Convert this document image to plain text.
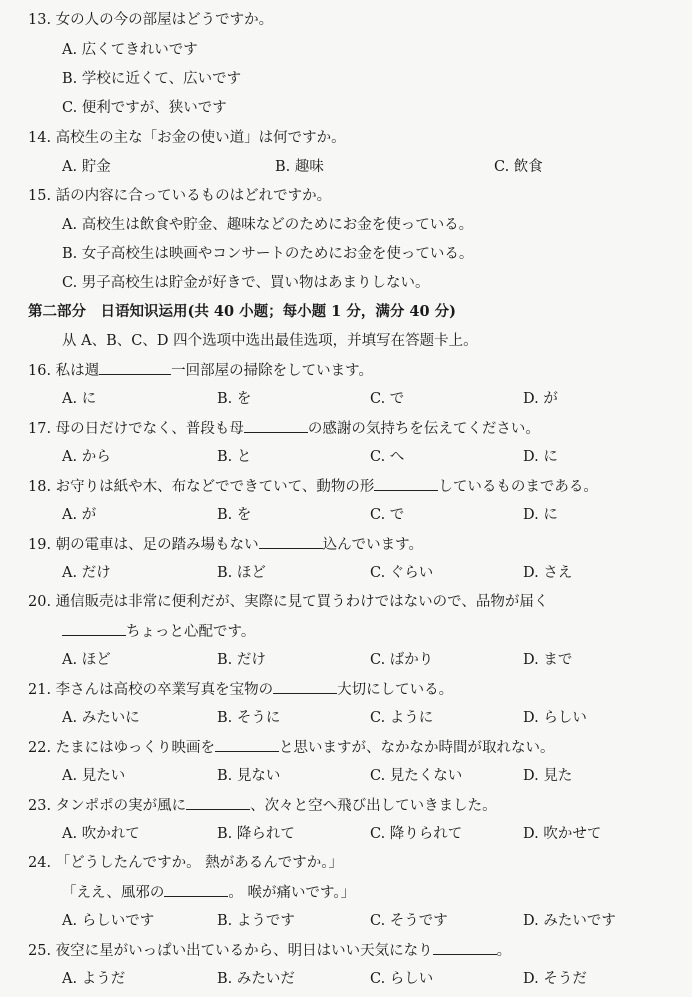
13. 女の人の今の部屋はどうですか。
A. 広くてきれいです
B. 学校に近くて、広いです
C. 便利ですが、狭いです
14. 高校生の主な「お金の使い道」は何ですか。
A. 貯金	B. 趣味	C. 飲食
15. 話の内容に合っているものはどれですか。
A. 高校生は飲食や貯金、趣味などのためにお金を使っている。
B. 女子高校生は映画やコンサートのためにお金を使っている。
C. 男子高校生は貯金が好きで、買い物はあまりしない。
第二部分　日语知识运用(共 40 小题；每小题 1 分，满分 40 分)
从 A、B、C、D 四个选项中选出最佳选项，并填写在答题卡上。
16. 私は週	一回部屋の掃除をしています。
A. に	B. を	C. で	D. が
17. 母の日だけでなく、普段も母	の感謝の気持ちを伝えてください。
A. から	B. と	C. へ	D. に
18. お守りは紙や木、布などでできていて、動物の形	しているものまである。
A. が	B. を	C. で	D. に
19. 朝の電車は、足の踏み場もない	込んでいます。
A. だけ	B. ほど	C. ぐらい	D. さえ
20. 通信販売は非常に便利だが、実際に見て買うわけではないので、品物が届く
ちょっと心配です。
A. ほど	B. だけ	C. ばかり	D. まで
21. 李さんは高校の卒業写真を宝物の	大切にしている。
A. みたいに	B. そうに	C. ように	D. らしい
22. たまにはゆっくり映画を	と思いますが、なかなか時間が取れない。
A. 見たい	B. 見ない	C. 見たくない	D. 見た
23. タンポポの実が風に	、次々と空へ飛び出していきました。
A. 吹かれて	B. 降られて	C. 降りられて	D. 吹かせて
24. 「どうしたんですか。 熱があるんですか。」
「ええ、風邪の	。 喉が痛いです。」
A. らしいです	B. ようです	C. そうです	D. みたいです
25. 夜空に星がいっぱい出ているから、明日はいい天気になり	。
A. ようだ	B. みたいだ	C. らしい	D. そうだ
